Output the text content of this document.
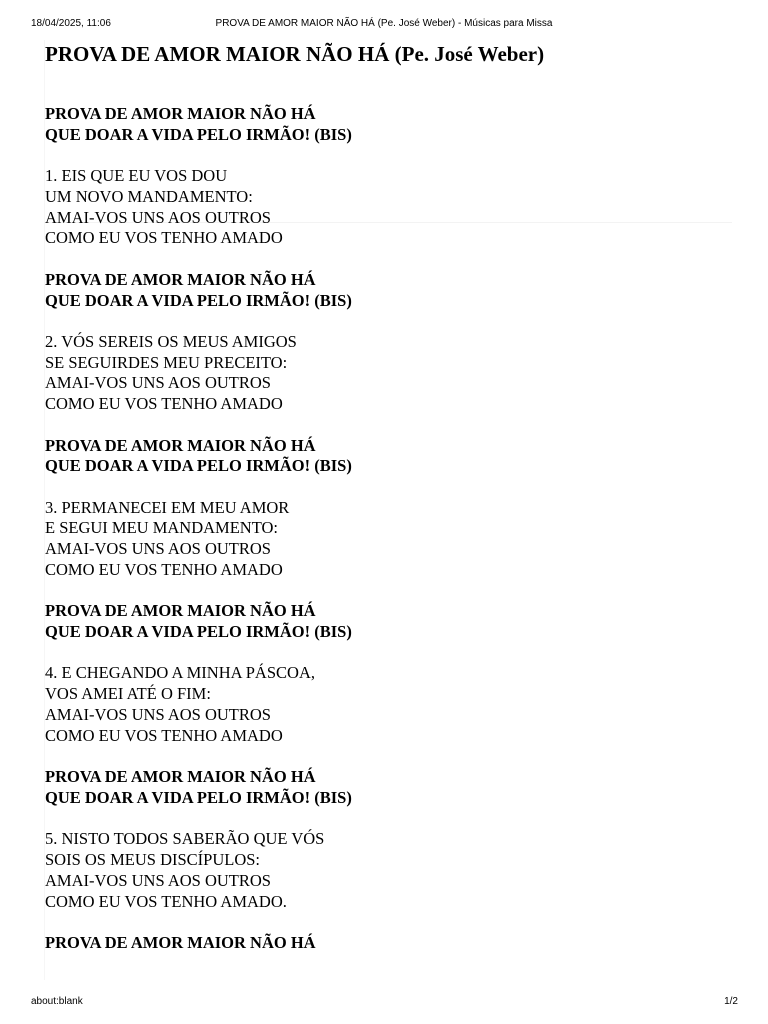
18/04/2025, 11:06	PROVA DE AMOR MAIOR NÃO HÁ (Pe. José Weber) - Músicas para Missa
PROVA DE AMOR MAIOR NÃO HÁ (Pe. José Weber)
PROVA DE AMOR MAIOR NÃO HÁ
QUE DOAR A VIDA PELO IRMÃO! (BIS)
1. EIS QUE EU VOS DOU
UM NOVO MANDAMENTO:
AMAI-VOS UNS AOS OUTROS
COMO EU VOS TENHO AMADO
PROVA DE AMOR MAIOR NÃO HÁ
QUE DOAR A VIDA PELO IRMÃO! (BIS)
2. VÓS SEREIS OS MEUS AMIGOS
SE SEGUIRDES MEU PRECEITO:
AMAI-VOS UNS AOS OUTROS
COMO EU VOS TENHO AMADO
PROVA DE AMOR MAIOR NÃO HÁ
QUE DOAR A VIDA PELO IRMÃO! (BIS)
3. PERMANECEI EM MEU AMOR
E SEGUI MEU MANDAMENTO:
AMAI-VOS UNS AOS OUTROS
COMO EU VOS TENHO AMADO
PROVA DE AMOR MAIOR NÃO HÁ
QUE DOAR A VIDA PELO IRMÃO! (BIS)
4. E CHEGANDO A MINHA PÁSCOA,
VOS AMEI ATÉ O FIM:
AMAI-VOS UNS AOS OUTROS
COMO EU VOS TENHO AMADO
PROVA DE AMOR MAIOR NÃO HÁ
QUE DOAR A VIDA PELO IRMÃO! (BIS)
5. NISTO TODOS SABERÃO QUE VÓS
SOIS OS MEUS DISCÍPULOS:
AMAI-VOS UNS AOS OUTROS
COMO EU VOS TENHO AMADO.
PROVA DE AMOR MAIOR NÃO HÁ
about:blank	1/2
